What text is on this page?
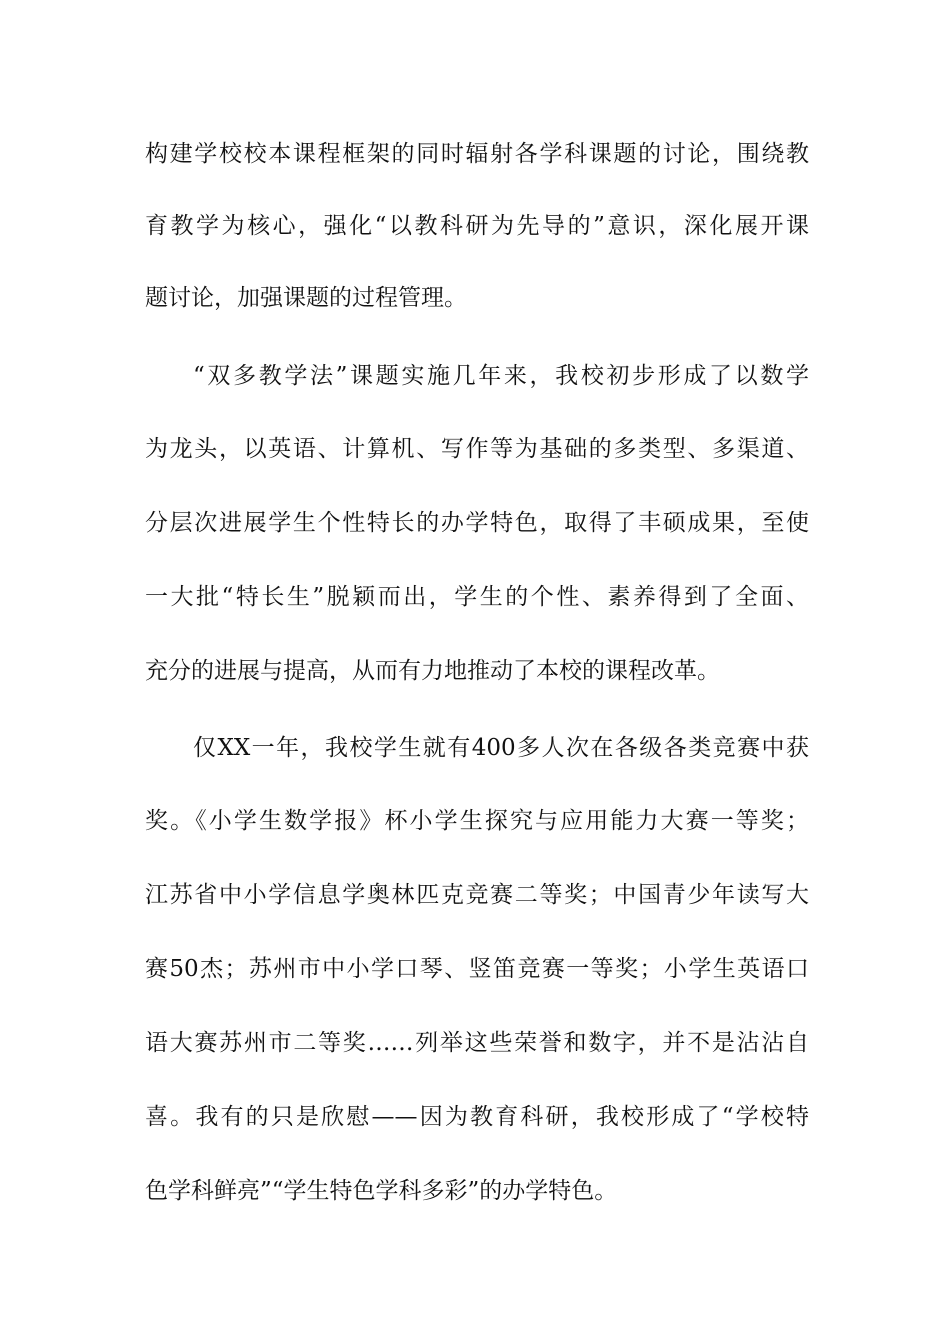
构建学校校本课程框架的同时辐射各学科课题的讨论，围绕教
育教学为核心，强化“以教科研为先导的”意识，深化展开课
题讨论，加强课题的过程管理。
“双多教学法”课题实施几年来，我校初步形成了以数学
为龙头，以英语、计算机、写作等为基础的多类型、多渠道、
分层次进展学生个性特长的办学特色，取得了丰硕成果，至使
一大批“特长生”脱颖而出，学生的个性、素养得到了全面、
充分的进展与提高，从而有力地推动了本校的课程改革。
仅XX一年，我校学生就有400多人次在各级各类竞赛中获
奖。《小学生数学报》杯小学生探究与应用能力大赛一等奖；
江苏省中小学信息学奥林匹克竞赛二等奖；中国青少年读写大
赛50杰；苏州市中小学口琴、竖笛竞赛一等奖；小学生英语口
语大赛苏州市二等奖……列举这些荣誉和数字，并不是沾沾自
喜。我有的只是欣慰——因为教育科研，我校形成了“学校特
色学科鲜亮”“学生特色学科多彩”的办学特色。
